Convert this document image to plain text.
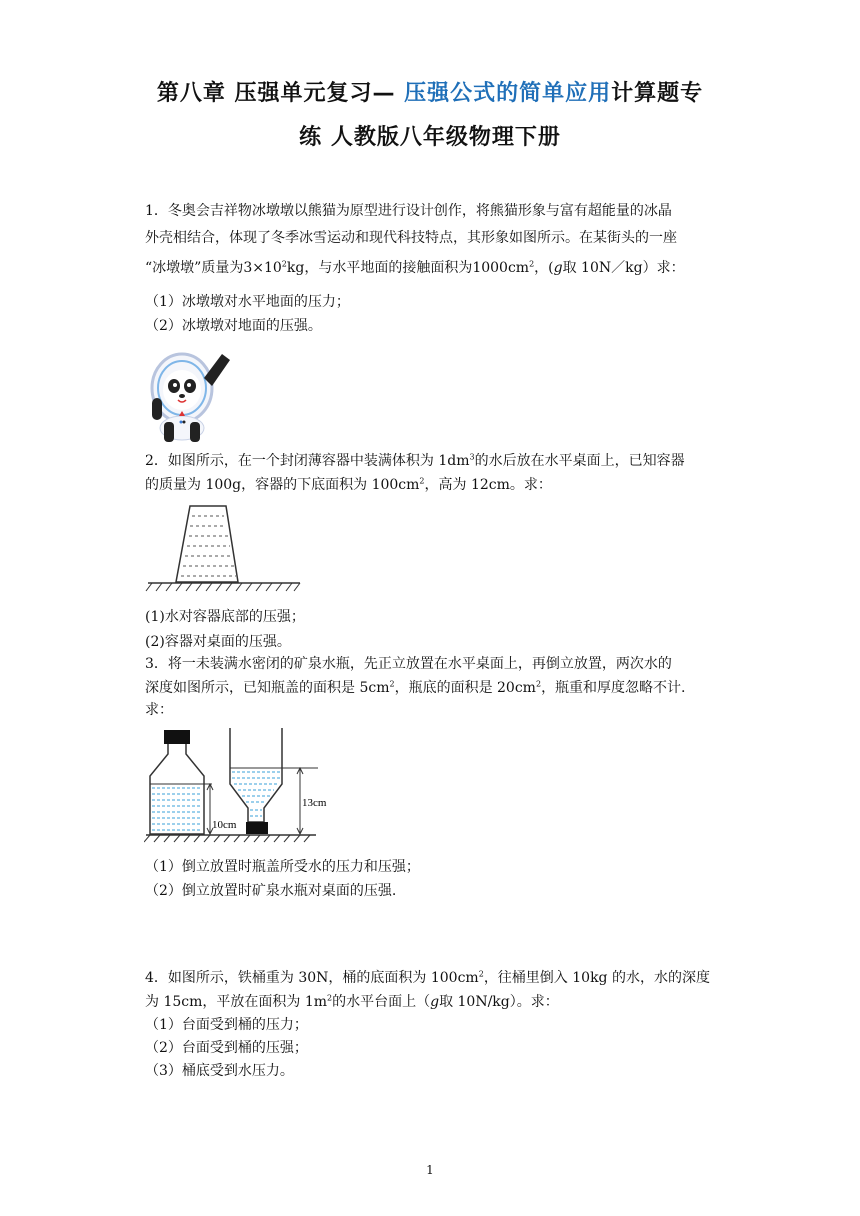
第八章 压强单元复习— 压强公式的简单应用计算题专
练 人教版八年级物理下册
1．冬奥会吉祥物冰墩墩以熊猫为原型进行设计创作，将熊猫形象与富有超能量的冰晶
外壳相结合，体现了冬季冰雪运动和现代科技特点，其形象如图所示。在某街头的一座
“冰墩墩”质量为$3\times 10^2kg$，与水平地面的接触面积为$1000cm^2$，(g取 10N／kg）求：
（1）冰墩墩对水平地面的压力；
（2）冰墩墩对地面的压强。
2．如图所示，在一个封闭薄容器中装满体积为 $1dm^3$的水后放在水平桌面上，已知容器
的质量为 100g，容器的下底面积为 $100cm^2$，高为 12cm。求：
(1)水对容器底部的压强；
(2)容器对桌面的压强。
3．将一未装满水密闭的矿泉水瓶，先正立放置在水平桌面上，再倒立放置，两次水的
深度如图所示，已知瓶盖的面积是 $5cm^2$，瓶底的面积是 $20cm^2$，瓶重和厚度忽略不计.
求：
10cm
13cm
（1）倒立放置时瓶盖所受水的压力和压强；
（2）倒立放置时矿泉水瓶对桌面的压强.
4．如图所示，铁桶重为 30N，桶的底面积为 $100cm^2$，往桶里倒入 10kg 的水，水的深度
为 15cm，平放在面积为 $1m^2$的水平台面上（g取 10N/kg）。求：
（1）台面受到桶的压力；
（2）台面受到桶的压强；
（3）桶底受到水压力。
1
